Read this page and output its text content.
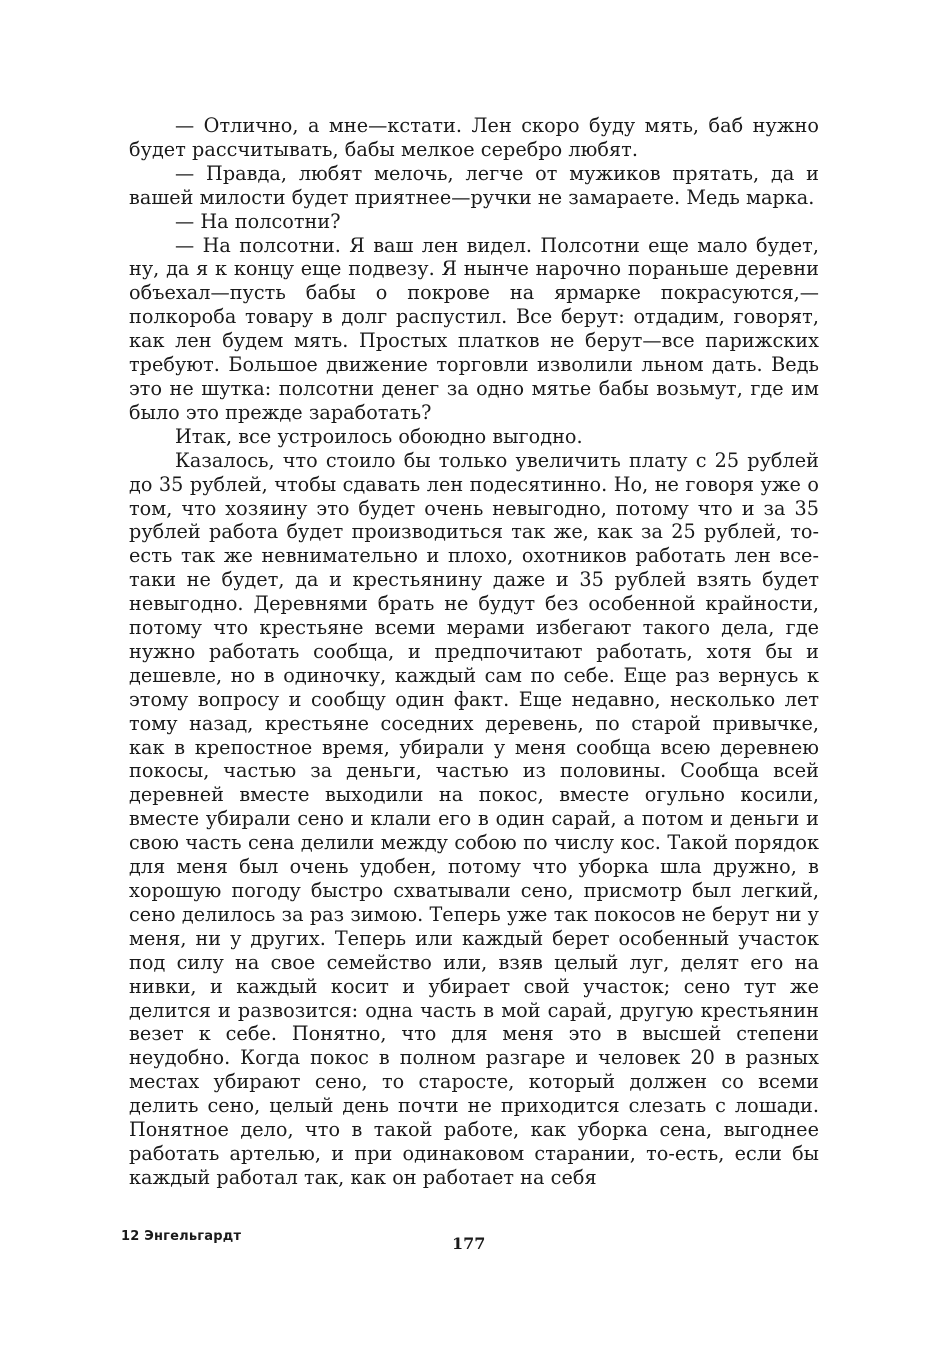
— Отлично, а мне—кстати. Лен скоро буду мять, баб нужно будет рассчитывать, бабы мелкое серебро любят.

— Правда, любят мелочь, легче от мужиков прятать, да и вашей милости будет приятнее—ручки не замараете. Медь марка.

— На полсотни?

— На полсотни. Я ваш лен видел. Полсотни еще мало будет, ну, да я к концу еще подвезу. Я нынче нарочно пораньше деревни объехал—пусть бабы о покрове на ярмарке покрасуются,—полкороба товару в долг распустил. Все берут: отдадим, говорят, как лен будем мять. Простых платков не берут—все парижских требуют. Большое движение торговли изволили льном дать. Ведь это не шутка: полсотни денег за одно мятье бабы возьмут, где им было это прежде заработать?

Итак, все устроилось обоюдно выгодно.

Казалось, что стоило бы только увеличить плату с 25 рублей до 35 рублей, чтобы сдавать лен подесятинно. Но, не говоря уже о том, что хозяину это будет очень невыгодно, потому что и за 35 рублей работа будет производиться так же, как за 25 рублей, то-есть так же невнимательно и плохо, охотников работать лен все-таки не будет, да и крестьянину даже и 35 рублей взять будет невыгодно. Деревнями брать не будут без особенной крайности, потому что крестьяне всеми мерами избегают такого дела, где нужно работать сообща, и предпочитают работать, хотя бы и дешевле, но в одиночку, каждый сам по себе. Еще раз вернусь к этому вопросу и сообщу один факт. Еще недавно, несколько лет тому назад, крестьяне соседних деревень, по старой привычке, как в крепостное время, убирали у меня сообща всею деревнею покосы, частью за деньги, частью из половины. Сообща всей деревней вместе выходили на покос, вместе огульно косили, вместе убирали сено и клали его в один сарай, а потом и деньги и свою часть сена делили между собою по числу кос. Такой порядок для меня был очень удобен, потому что уборка шла дружно, в хорошую погоду быстро схватывали сено, присмотр был легкий, сено делилось за раз зимою. Теперь уже так покосов не берут ни у меня, ни у других. Теперь или каждый берет особенный участок под силу на свое семейство или, взяв целый луг, делят его на нивки, и каждый косит и убирает свой участок; сено тут же делится и развозится: одна часть в мой сарай, другую крестьянин везет к себе. Понятно, что для меня это в высшей степени неудобно. Когда покос в полном разгаре и человек 20 в разных местах убирают сено, то старосте, который должен со всеми делить сено, целый день почти не приходится слезать с лошади. Понятное дело, что в такой работе, как уборка сена, выгоднее работать артелью, и при одинаковом старании, то-есть, если бы каждый работал так, как он работает на себя

12 Энгельгардт	177
